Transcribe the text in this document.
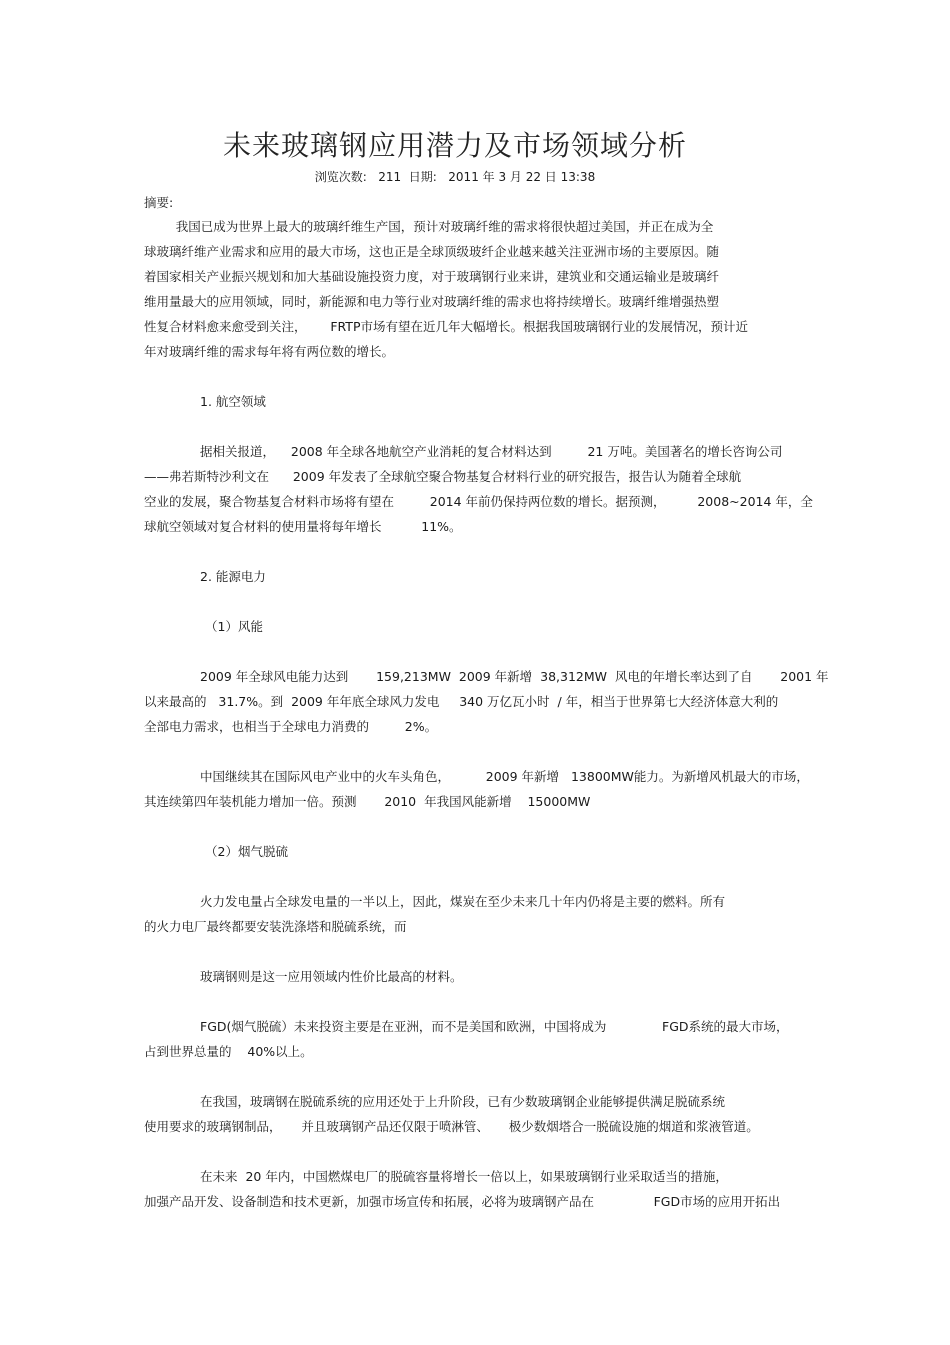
未来玻璃钢应用潜力及市场领域分析
浏览次数:   211  日期:   2011 年 3 月 22 日 13:38
摘要:
我国已成为世界上最大的玻璃纤维生产国，预计对玻璃纤维的需求将很快超过美国，并正在成为全
球玻璃纤维产业需求和应用的最大市场，这也正是全球顶级玻纤企业越来越关注亚洲市场的主要原因。随
着国家相关产业振兴规划和加大基础设施投资力度，对于玻璃钢行业来讲，建筑业和交通运输业是玻璃纤
维用量最大的应用领域，同时，新能源和电力等行业对玻璃纤维的需求也将持续增长。玻璃纤维增强热塑
性复合材料愈来愈受到关注，      FRTP市场有望在近几年大幅增长。根据我国玻璃钢行业的发展情况，预计近
年对玻璃纤维的需求每年将有两位数的增长。
1. 航空领域
据相关报道，    2008 年全球各地航空产业消耗的复合材料达到         21 万吨。美国著名的增长咨询公司
——弗若斯特沙利文在      2009 年发表了全球航空聚合物基复合材料行业的研究报告，报告认为随着全球航
空业的发展，聚合物基复合材料市场将有望在         2014 年前仍保持两位数的增长。据预测，        2008~2014 年，全
球航空领域对复合材料的使用量将每年增长          11%。
2. 能源电力
（1）风能
2009 年全球风电能力达到       159,213MW  2009 年新增  38,312MW  风电的年增长率达到了自       2001 年
以来最高的   31.7%。到  2009 年年底全球风力发电     340 万亿瓦小时  / 年，相当于世界第七大经济体意大利的
全部电力需求，也相当于全球电力消费的         2%。
中国继续其在国际风电产业中的火车头角色，         2009 年新增   13800MW能力。为新增风机最大的市场，
其连续第四年装机能力增加一倍。预测       2010  年我国风能新增    15000MW
（2）烟气脱硫
火力发电量占全球发电量的一半以上，因此，煤炭在至少未来几十年内仍将是主要的燃料。所有
的火力电厂最终都要安装洗涤塔和脱硫系统，而
玻璃钢则是这一应用领域内性价比最高的材料。
FGD(烟气脱硫）未来投资主要是在亚洲，而不是美国和欧洲，中国将成为              FGD系统的最大市场，
占到世界总量的    40%以上。
在我国，玻璃钢在脱硫系统的应用还处于上升阶段，已有少数玻璃钢企业能够提供满足脱硫系统
使用要求的玻璃钢制品，     并且玻璃钢产品还仅限于喷淋管、     极少数烟塔合一脱硫设施的烟道和浆液管道。
在未来  20 年内，中国燃煤电厂的脱硫容量将增长一倍以上，如果玻璃钢行业采取适当的措施，
加强产品开发、设备制造和技术更新，加强市场宣传和拓展，必将为玻璃钢产品在               FGD市场的应用开拓出
